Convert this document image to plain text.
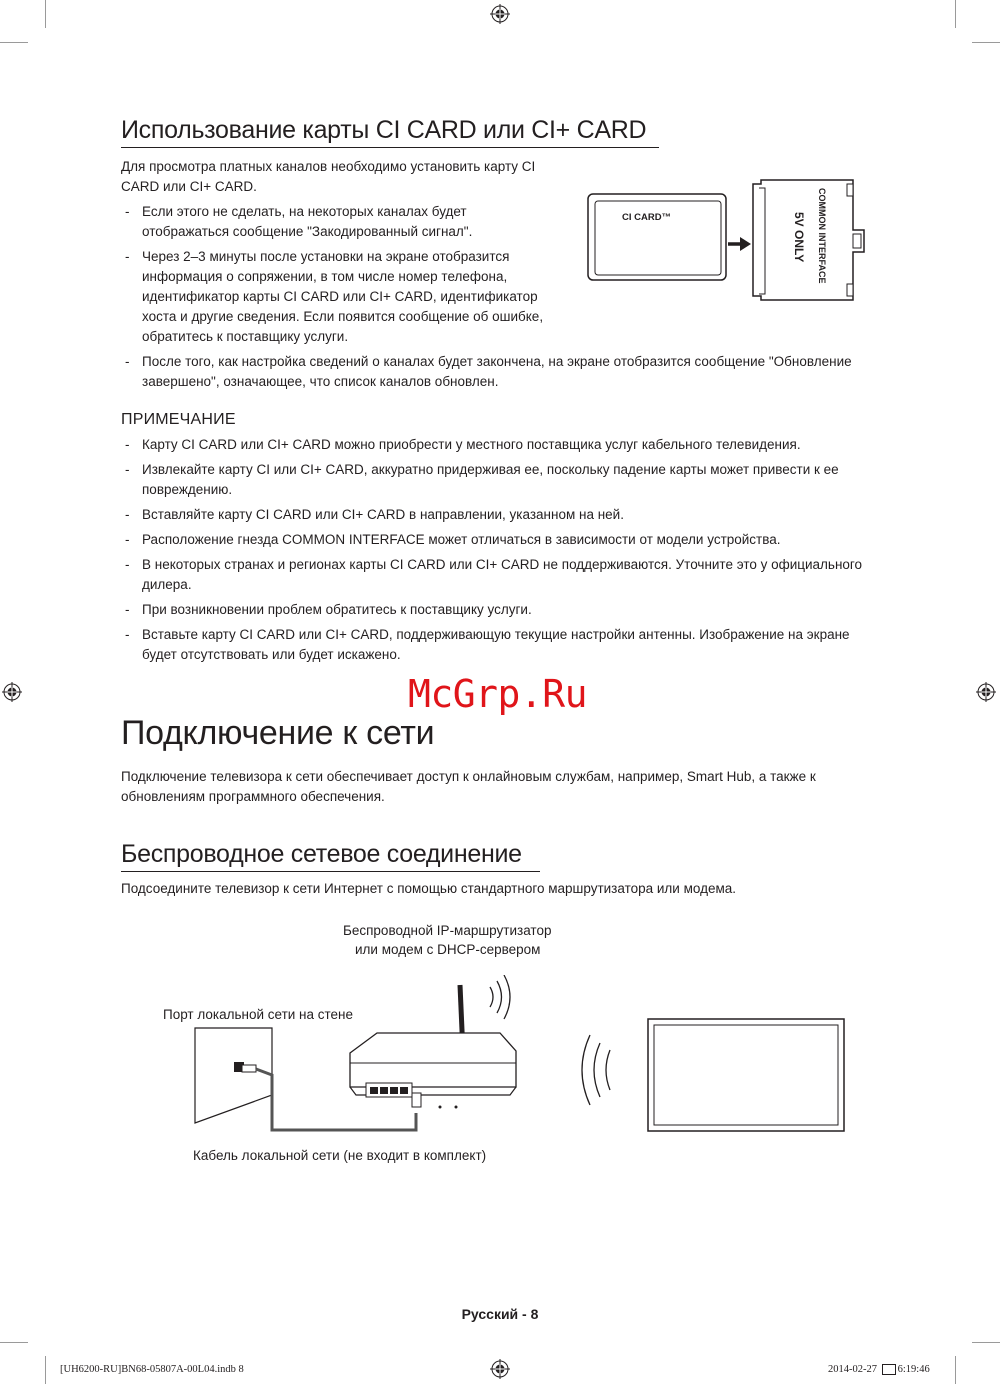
Использование карты CI CARD или CI+ CARD
Для просмотра платных каналов необходимо установить карту CI CARD или CI+ CARD.
- Если этого не сделать, на некоторых каналах будет отображаться сообщение "Закодированный сигнал".
- Через 2–3 минуты после установки на экране отобразится информация о сопряжении, в том числе номер телефона, идентификатор карты CI CARD или CI+ CARD, идентификатор хоста и другие сведения. Если появится сообщение об ошибке, обратитесь к поставщику услуги.
- После того, как настройка сведений о каналах будет закончена, на экране отобразится сообщение "Обновление завершено", означающее, что список каналов обновлен.
CI CARD™	COMMON INTERFACE
5V ONLY
ПРИМЕЧАНИЕ
- Карту CI CARD или CI+ CARD можно приобрести у местного поставщика услуг кабельного телевидения.
- Извлекайте карту CI или CI+ CARD, аккуратно придерживая ее, поскольку падение карты может привести к ее повреждению.
- Вставляйте карту CI CARD или CI+ CARD в направлении, указанном на ней.
- Расположение гнезда COMMON INTERFACE может отличаться в зависимости от модели устройства.
- В некоторых странах и регионах карты CI CARD или CI+ CARD не поддерживаются. Уточните это у официального дилера.
- При возникновении проблем обратитесь к поставщику услуги.
- Вставьте карту CI CARD или CI+ CARD, поддерживающую текущие настройки антенны. Изображение на экране будет отсутствовать или будет искажено.
McGrp.Ru
Подключение к сети
Подключение телевизора к сети обеспечивает доступ к онлайновым службам, например, Smart Hub, а также к обновлениям программного обеспечения.
Беспроводное сетевое соединение
Подсоедините телевизор к сети Интернет с помощью стандартного маршрутизатора или модема.
Беспроводной IP-маршрутизатор
или модем с DHCP-сервером
Порт локальной сети на стене
Кабель локальной сети (не входит в комплект)
Русский - 8
[UH6200-RU]BN68-05807A-00L04.indb 8	2014-02-27 6:19:46
